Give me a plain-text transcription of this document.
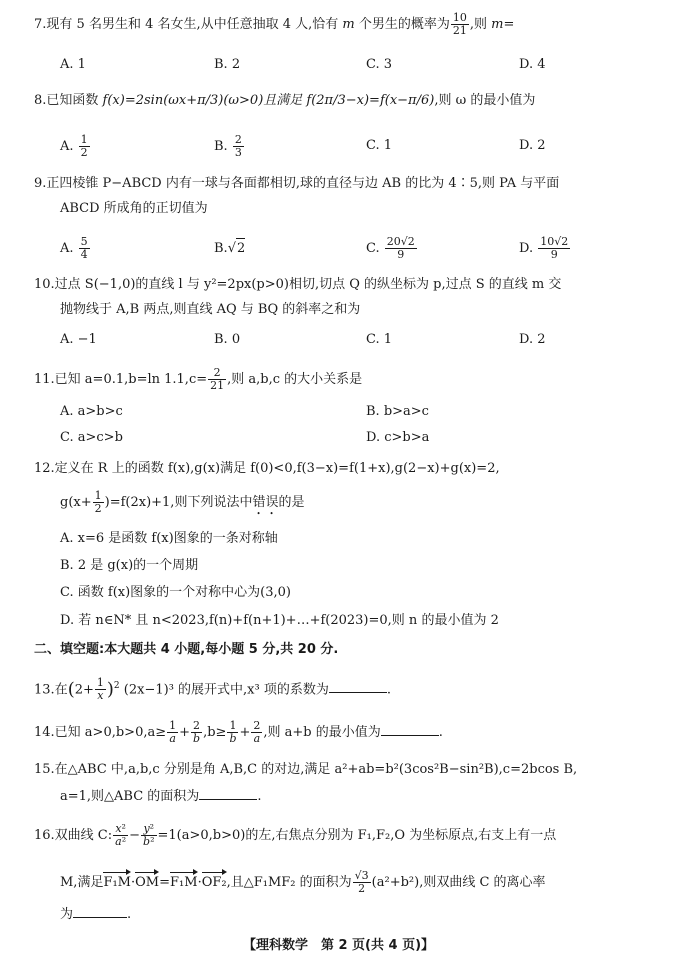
7.现有 5 名男生和 4 名女生,从中任意抽取 4 人,恰有 m 个男生的概率为 $\frac{10}{21}$ ,则 m=
A. 1	B. 2	C. 3	D. 4
8.已知函数 f(x)=2sin(ωx+π/3)(ω>0)且满足 f(2π/3−x)=f(x−π/6),则 ω 的最小值为
A. $\frac{1}{2}$	B. $\frac{2}{3}$	C. 1	D. 2
9.正四棱锥 P−ABCD 内有一球与各面都相切,球的直径与边 AB 的比为 4∶5,则 PA 与平面
ABCD 所成角的正切值为
A. $\frac{5}{4}$	B.√2	C. $\frac{20√2}{9}$	D. $\frac{10√2}{9}$
10.过点 S(−1,0)的直线 l 与 y²=2px(p>0)相切,切点 Q 的纵坐标为 p,过点 S 的直线 m 交
抛物线于 A,B 两点,则直线 AQ 与 BQ 的斜率之和为
A. −1	B. 0	C. 1	D. 2
11.已知 a=0.1,b=ln $1.1,c= \frac{2}{21}$ ,则 a,b,c 的大小关系是
A. a>b>c	B. b>a>c
C. a>c>b	D. c>b>a
12.定义在 R 上的函数 f(x),g(x)满足 f(0)<0,f(3−x)=f(1+x),g(2−x)+g(x)=2,
$g(x+ \frac{1}{2} )=f(2x)+1$,则下列说法中错误的是
A. x=6 是函数 f(x)图象的一条对称轴
B. 2 是 g(x)的一个周期
C. 函数 f(x)图象的一个对称中心为(3,0)
D. 若 n∈N* 且 n<2023,f(n)+f(n+1)+…+f(2023)=0,则 n 的最小值为 2
二、填空题:本大题共 4 小题,每小题 5 分,共 20 分.
13.在$(2+ \frac{1}{x} )^2$ (2x−1)³ 的展开式中,x³ 项的系数为	.
14.已知 $a>0,b>0,a\ge \frac{1}{a} + \frac{2}{b} ,b\ge \frac{1}{b} + \frac{2}{a}$ ,则 a+b 的最小值为	.
15.在△ABC 中,a,b,c 分别是角 A,B,C 的对边,满足 a²+ab=b²(3cos²B−sin²B),c=2bcos B,
a=1,则△ABC 的面积为	.
16.双曲线 C: $\frac{\text{x²}}{\text{a²}} - \frac{\text{y²}}{\text{b²}} =1(a>0,b>0)$的左,右焦点分别为 F₁,F₂,O 为坐标原点,右支上有一点
M,满足F₁M·OM=F₁M·OF₂,且△F₁MF₂ 的面积为 $\frac{√3}{2} (a^2+b^2)$,则双曲线 C 的离心率
为	.
【理科数学　第 2 页(共 4 页)】
